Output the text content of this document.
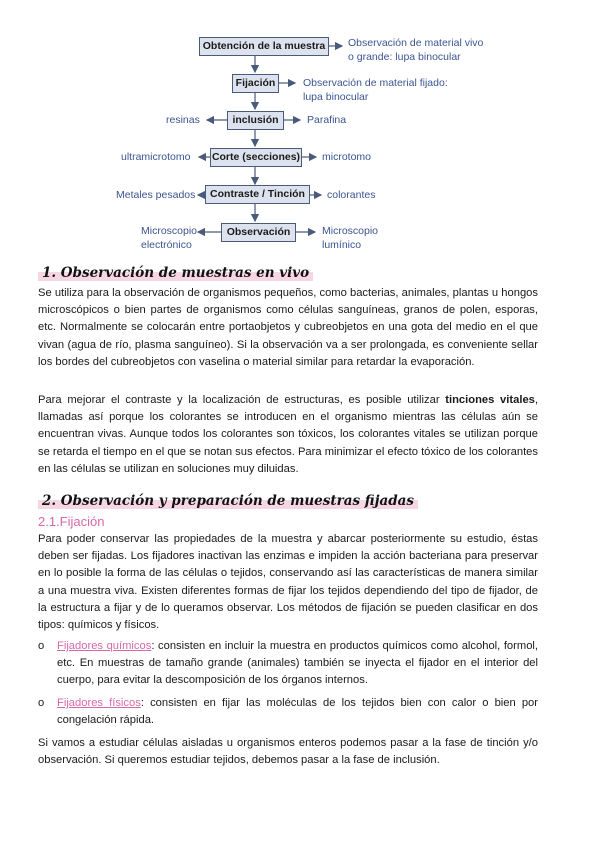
Obtención de la muestra
Fijación
inclusión
Corte (secciones)
Contraste / Tinción
Observación
Observación de material vivo
o grande: lupa binocular
Observación de material fijado:
lupa binocular
Parafina
microtomo
colorantes
Microscopio
lumínico
resinas
ultramicrotomo
Metales pesados
Microscopio
electrónico
1. Observación de muestras en vivo

Se utiliza para la observación de organismos pequeños, como bacterias, animales, plantas u hongos microscópicos o bien partes de organismos como células sanguíneas, granos de polen, esporas, etc. Normalmente se colocarán entre portaobjetos y cubreobjetos en una gota del medio en el que vivan (agua de río, plasma sanguíneo). Si la observación va a ser prolongada, es conveniente sellar los bordes del cubreobjetos con vaselina o material similar para retardar la evaporación.

Para mejorar el contraste y la localización de estructuras, es posible utilizar tinciones vitales, llamadas así porque los colorantes se introducen en el organismo mientras las células aún se encuentran vivas. Aunque todos los colorantes son tóxicos, los colorantes vitales se utilizan porque se retarda el tiempo en el que se notan sus efectos. Para minimizar el efecto tóxico de los colorantes en las células se utilizan en soluciones muy diluidas.

2. Observación y preparación de muestras fijadas
2.1.Fijación

Para poder conservar las propiedades de la muestra y abarcar posteriormente su estudio, éstas deben ser fijadas. Los fijadores inactivan las enzimas e impiden la acción bacteriana para preservar en lo posible la forma de las células o tejidos, conservando así las características de manera similar a una muestra viva. Existen diferentes formas de fijar los tejidos dependiendo del tipo de fijador, de la estructura a fijar y de lo queramos observar. Los métodos de fijación se pueden clasificar en dos tipos: químicos y físicos.

o Fijadores químicos: consisten en incluir la muestra en productos químicos como alcohol, formol, etc. En muestras de tamaño grande (animales) también se inyecta el fijador en el interior del cuerpo, para evitar la descomposición de los órganos internos.
o Fijadores físicos: consisten en fijar las moléculas de los tejidos bien con calor o bien por congelación rápida.

Si vamos a estudiar células aisladas u organismos enteros podemos pasar a la fase de tinción y/o observación. Si queremos estudiar tejidos, debemos pasar a la fase de inclusión.
